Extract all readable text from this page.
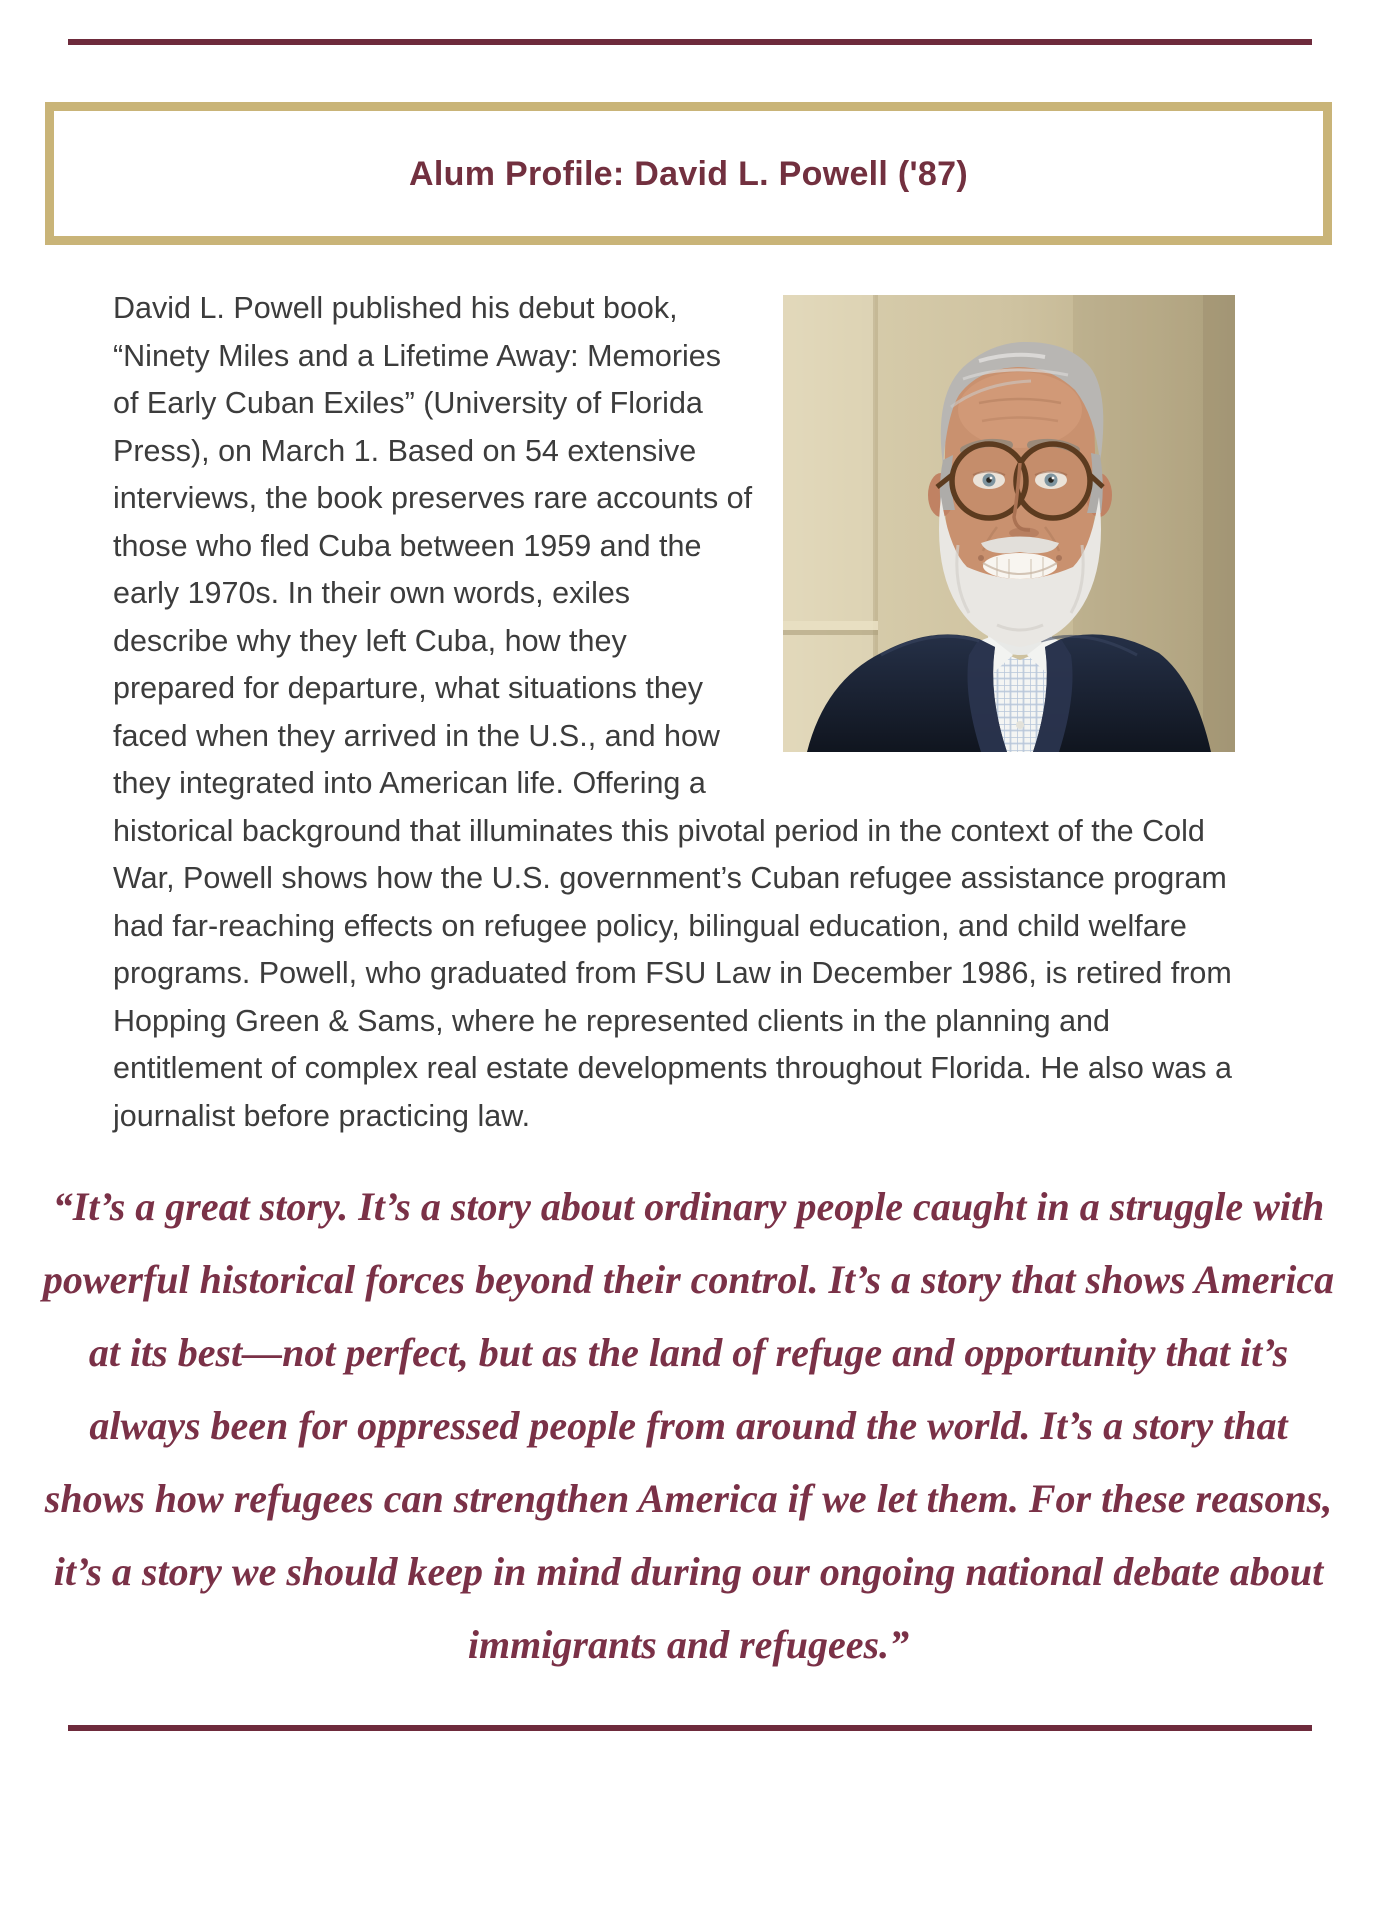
Alum Profile: David L. Powell ('87)

David L. Powell published his debut book, “Ninety Miles and a Lifetime Away: Memories of Early Cuban Exiles” (University of Florida Press), on March 1. Based on 54 extensive interviews, the book preserves rare accounts of those who fled Cuba between 1959 and the early 1970s. In their own words, exiles describe why they left Cuba, how they prepared for departure, what situations they faced when they arrived in the U.S., and how they integrated into American life. Offering a historical background that illuminates this pivotal period in the context of the Cold War, Powell shows how the U.S. government’s Cuban refugee assistance program had far-reaching effects on refugee policy, bilingual education, and child welfare programs. Powell, who graduated from FSU Law in December 1986, is retired from Hopping Green & Sams, where he represented clients in the planning and entitlement of complex real estate developments throughout Florida. He also was a journalist before practicing law.

“It’s a great story. It’s a story about ordinary people caught in a struggle with powerful historical forces beyond their control. It’s a story that shows America at its best—not perfect, but as the land of refuge and opportunity that it’s always been for oppressed people from around the world. It’s a story that shows how refugees can strengthen America if we let them. For these reasons, it’s a story we should keep in mind during our ongoing national debate about immigrants and refugees.”
